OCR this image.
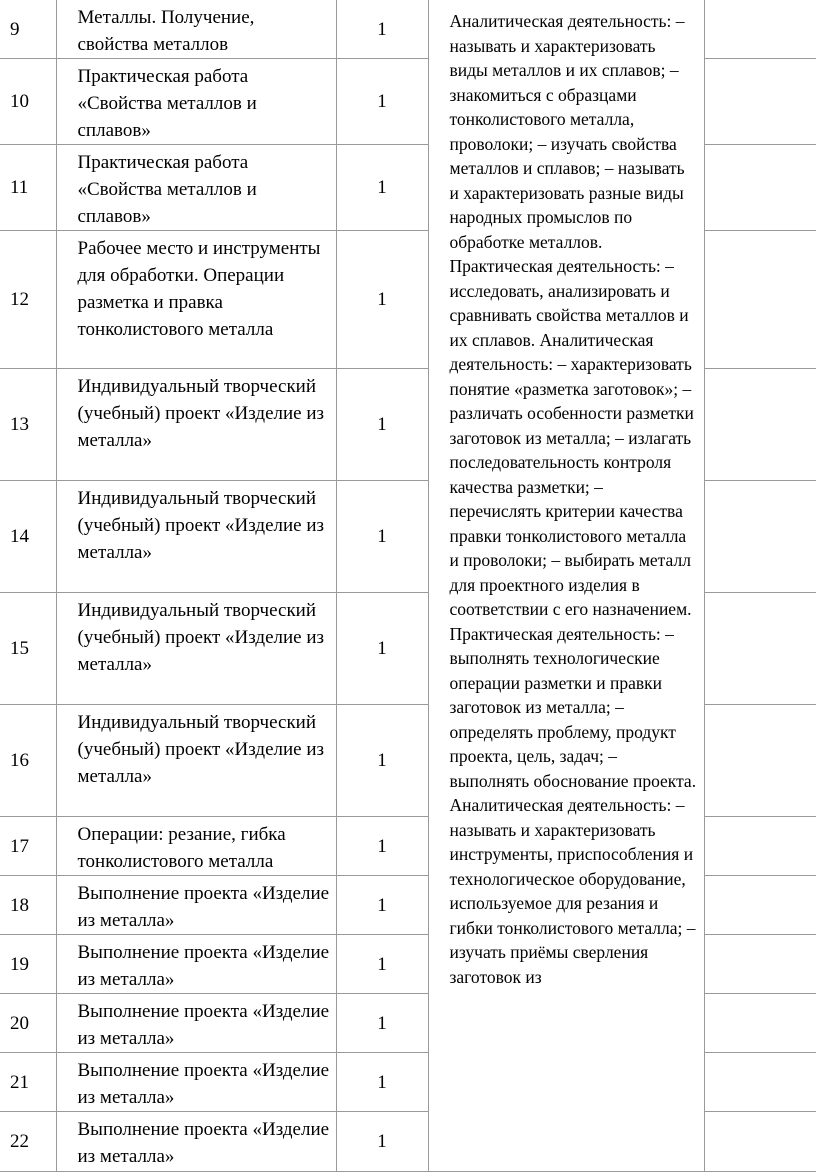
9	Металлы. Получение, свойства металлов	1	Аналитическая деятельность: – называть и характеризовать виды металлов и их сплавов; – знакомиться с образцами тонколистового металла, проволоки; – изучать свойства металлов и сплавов; – называть и характеризовать разные виды народных промыслов по обработке металлов. Практическая деятельность: – исследовать, анализировать и сравнивать свойства металлов и их сплавов. Аналитическая деятельность: – характеризовать понятие «разметка заготовок»; – различать особенности разметки заготовок из металла; – излагать последовательность контроля качества разметки; – перечислять критерии качества правки тонколистового металла и проволоки; – выбирать металл для проектного изделия в соответствии с его назначением. Практическая деятельность: – выполнять технологические операции разметки и правки заготовок из металла; – определять проблему, продукт проекта, цель, задач; – выполнять обоснование проекта. Аналитическая деятельность: – называть и характеризовать инструменты, приспособления и технологическое оборудование, используемое для резания и гибки тонколистового металла; – изучать приёмы сверления заготовок из	
10	Практическая работа «Свойства металлов и сплавов»	1		
11	Практическая работа «Свойства металлов и сплавов»	1		
12	Рабочее место и инструменты для обработки. Операции разметка и правка тонколистового металла	1		
13	Индивидуальный творческий (учебный) проект «Изделие из металла»	1		
14	Индивидуальный творческий (учебный) проект «Изделие из металла»	1		
15	Индивидуальный творческий (учебный) проект «Изделие из металла»	1		
16	Индивидуальный творческий (учебный) проект «Изделие из металла»	1		
17	Операции: резание, гибка тонколистового металла	1		
18	Выполнение проекта «Изделие из металла»	1		
19	Выполнение проекта «Изделие из металла»	1		
20	Выполнение проекта «Изделие из металла»	1		
21	Выполнение проекта «Изделие из металла»	1		
22	Выполнение проекта «Изделие из металла»	1		
